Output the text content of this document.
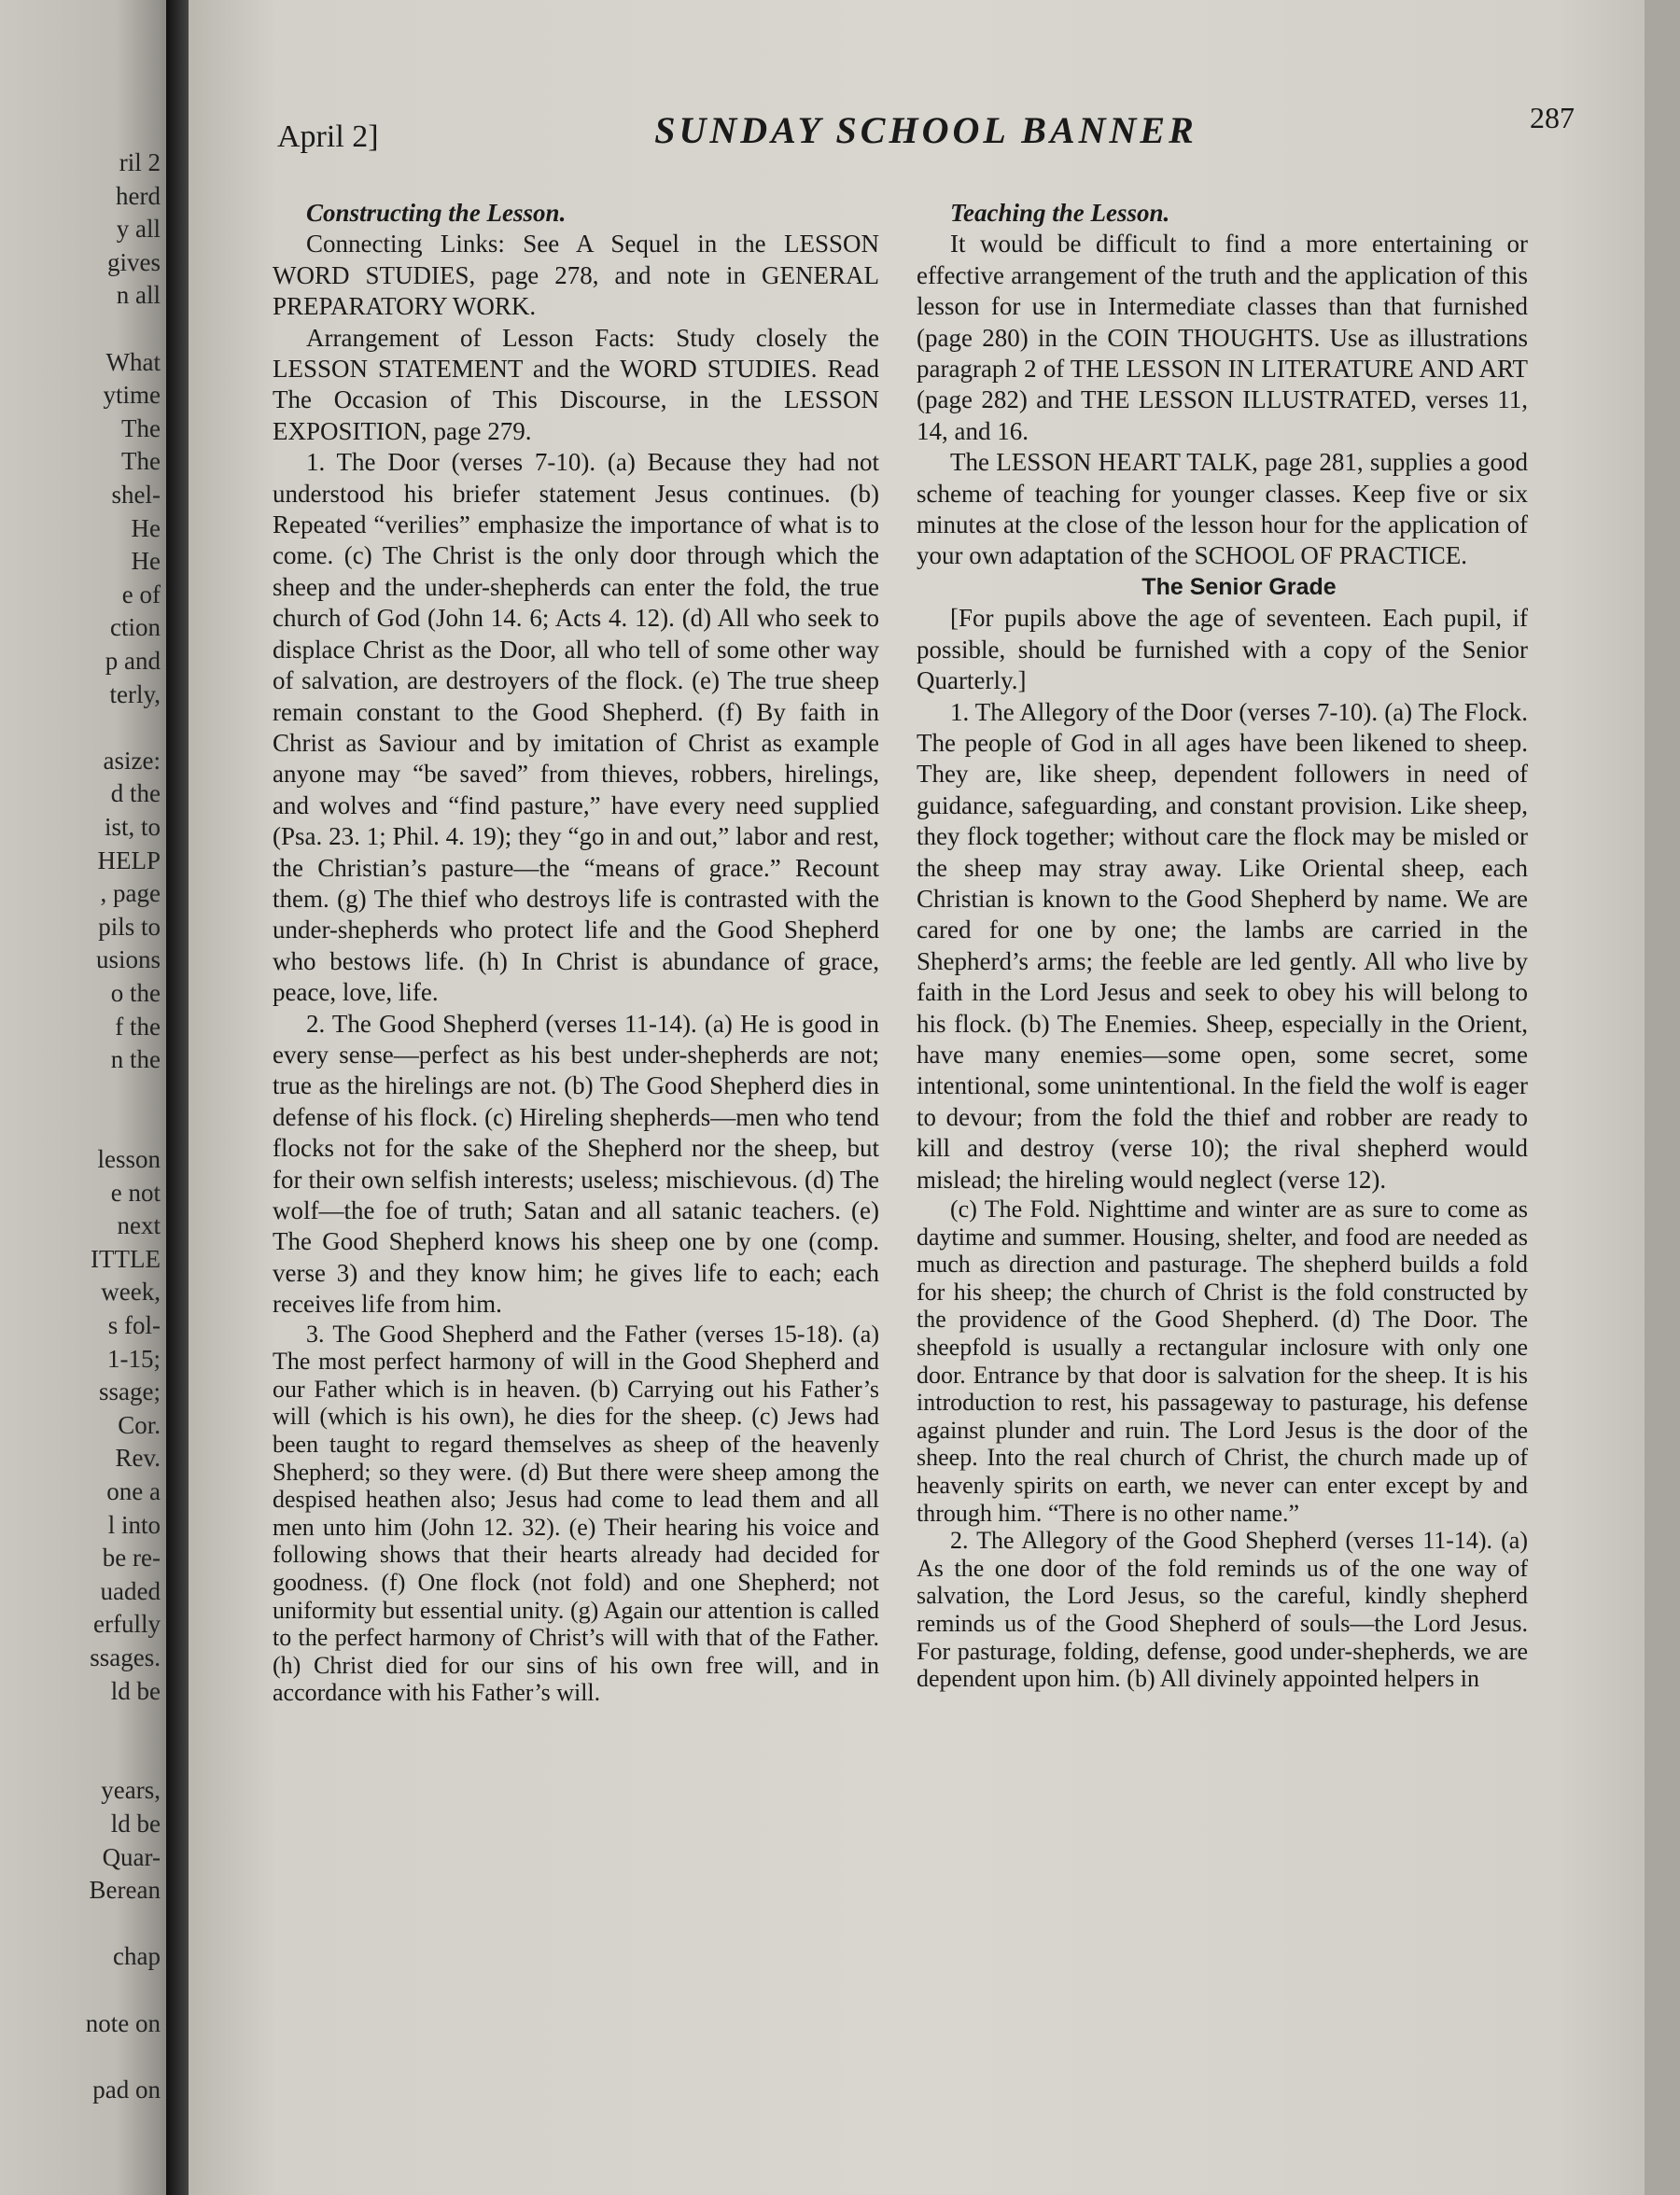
ril 2
herd
y all
gives
n all
What
ytime
The
The
shel-
He
He
e of
ction
p and
terly,
asize:
d the
ist, to
HELP
, page
pils to
usions
o the
f the
n the
lesson
e not
next
ITTLE
week,
s fol-
1-15;
ssage;
Cor.
Rev.
one a
l into
be re-
uaded
erfully
ssages.
ld be
years,
ld be
Quar-
Berean
chap
note on
pad on
April 2]	SUNDAY SCHOOL BANNER	287

Constructing the Lesson.

Connecting Links: See A Sequel in the LESSON WORD STUDIES, page 278, and note in GENERAL PREPARATORY WORK.

Arrangement of Lesson Facts: Study closely the LESSON STATEMENT and the WORD STUDIES. Read The Occasion of This Discourse, in the LESSON EXPOSITION, page 279.

1. The Door (verses 7-10). (a) Because they had not understood his briefer statement Jesus continues. (b) Repeated “verilies” emphasize the importance of what is to come. (c) The Christ is the only door through which the sheep and the under-shepherds can enter the fold, the true church of God (John 14. 6; Acts 4. 12). (d) All who seek to displace Christ as the Door, all who tell of some other way of salvation, are destroyers of the flock. (e) The true sheep remain constant to the Good Shepherd. (f) By faith in Christ as Saviour and by imitation of Christ as example anyone may “be saved” from thieves, robbers, hirelings, and wolves and “find pasture,” have every need supplied (Psa. 23. 1; Phil. 4. 19); they “go in and out,” labor and rest, the Christian’s pasture—the “means of grace.” Recount them. (g) The thief who destroys life is contrasted with the under-shepherds who protect life and the Good Shepherd who bestows life. (h) In Christ is abundance of grace, peace, love, life.

2. The Good Shepherd (verses 11-14). (a) He is good in every sense—perfect as his best under-shepherds are not; true as the hirelings are not. (b) The Good Shepherd dies in defense of his flock. (c) Hireling shepherds—men who tend flocks not for the sake of the Shepherd nor the sheep, but for their own selfish interests; useless; mischievous. (d) The wolf—the foe of truth; Satan and all satanic teachers. (e) The Good Shepherd knows his sheep one by one (comp. verse 3) and they know him; he gives life to each; each receives life from him.

3. The Good Shepherd and the Father (verses 15-18). (a) The most perfect harmony of will in the Good Shepherd and our Father which is in heaven. (b) Carrying out his Father’s will (which is his own), he dies for the sheep. (c) Jews had been taught to regard themselves as sheep of the heavenly Shepherd; so they were. (d) But there were sheep among the despised heathen also; Jesus had come to lead them and all men unto him (John 12. 32). (e) Their hearing his voice and following shows that their hearts already had decided for goodness. (f) One flock (not fold) and one Shepherd; not uniformity but essential unity. (g) Again our attention is called to the perfect harmony of Christ’s will with that of the Father. (h) Christ died for our sins of his own free will, and in accordance with his Father’s will.

Teaching the Lesson.

It would be difficult to find a more entertaining or effective arrangement of the truth and the application of this lesson for use in Intermediate classes than that furnished (page 280) in the COIN THOUGHTS. Use as illustrations paragraph 2 of THE LESSON IN LITERATURE AND ART (page 282) and THE LESSON ILLUSTRATED, verses 11, 14, and 16.

The LESSON HEART TALK, page 281, supplies a good scheme of teaching for younger classes. Keep five or six minutes at the close of the lesson hour for the application of your own adaptation of the SCHOOL OF PRACTICE.

The Senior Grade

[For pupils above the age of seventeen. Each pupil, if possible, should be furnished with a copy of the Senior Quarterly.]

1. The Allegory of the Door (verses 7-10). (a) The Flock. The people of God in all ages have been likened to sheep. They are, like sheep, dependent followers in need of guidance, safeguarding, and constant provision. Like sheep, they flock together; without care the flock may be misled or the sheep may stray away. Like Oriental sheep, each Christian is known to the Good Shepherd by name. We are cared for one by one; the lambs are carried in the Shepherd’s arms; the feeble are led gently. All who live by faith in the Lord Jesus and seek to obey his will belong to his flock. (b) The Enemies. Sheep, especially in the Orient, have many enemies—some open, some secret, some intentional, some unintentional. In the field the wolf is eager to devour; from the fold the thief and robber are ready to kill and destroy (verse 10); the rival shepherd would mislead; the hireling would neglect (verse 12).

(c) The Fold. Nighttime and winter are as sure to come as daytime and summer. Housing, shelter, and food are needed as much as direction and pasturage. The shepherd builds a fold for his sheep; the church of Christ is the fold constructed by the providence of the Good Shepherd. (d) The Door. The sheepfold is usually a rectangular inclosure with only one door. Entrance by that door is salvation for the sheep. It is his introduction to rest, his passageway to pasturage, his defense against plunder and ruin. The Lord Jesus is the door of the sheep. Into the real church of Christ, the church made up of heavenly spirits on earth, we never can enter except by and through him. “There is no other name.”

2. The Allegory of the Good Shepherd (verses 11-14). (a) As the one door of the fold reminds us of the one way of salvation, the Lord Jesus, so the careful, kindly shepherd reminds us of the Good Shepherd of souls—the Lord Jesus. For pasturage, folding, defense, good under-shepherds, we are dependent upon him. (b) All divinely appointed helpers in
